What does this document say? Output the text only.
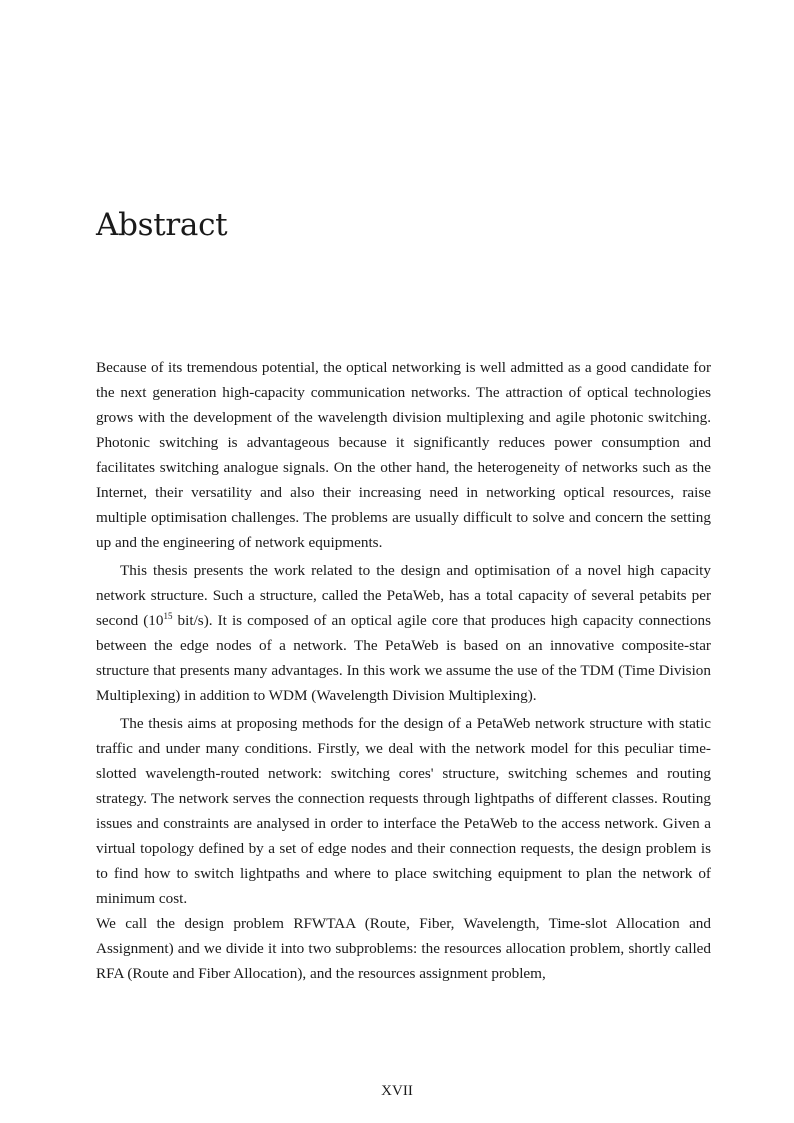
Abstract

Because of its tremendous potential, the optical networking is well admitted as a good candidate for the next generation high-capacity communication networks. The attraction of optical technologies grows with the development of the wavelength division multiplexing and agile photonic switching. Photonic switching is advantageous because it significantly reduces power consumption and facilitates switching analogue signals. On the other hand, the heterogeneity of networks such as the Internet, their versatility and also their increasing need in networking optical resources, raise multiple optimisation challenges. The problems are usually difficult to solve and concern the setting up and the engineering of network equipments.

This thesis presents the work related to the design and optimisation of a novel high capacity network structure. Such a structure, called the PetaWeb, has a total capacity of several petabits per second ($10^{15}$ bit/s). It is composed of an optical agile core that produces high capacity connections between the edge nodes of a network. The PetaWeb is based on an innovative composite-star structure that presents many advantages. In this work we assume the use of the TDM (Time Division Multiplexing) in addition to WDM (Wavelength Division Multiplexing).

The thesis aims at proposing methods for the design of a PetaWeb network structure with static traffic and under many conditions. Firstly, we deal with the network model for this peculiar time-slotted wavelength-routed network: switching cores' structure, switching schemes and routing strategy. The network serves the connection requests through lightpaths of different classes. Routing issues and constraints are analysed in order to interface the PetaWeb to the access network. Given a virtual topology defined by a set of edge nodes and their connection requests, the design problem is to find how to switch lightpaths and where to place switching equipment to plan the network of minimum cost.

We call the design problem RFWTAA (Route, Fiber, Wavelength, Time-slot Allocation and Assignment) and we divide it into two subproblems: the resources allocation problem, shortly called RFA (Route and Fiber Allocation), and the resources assignment problem,

XVII
